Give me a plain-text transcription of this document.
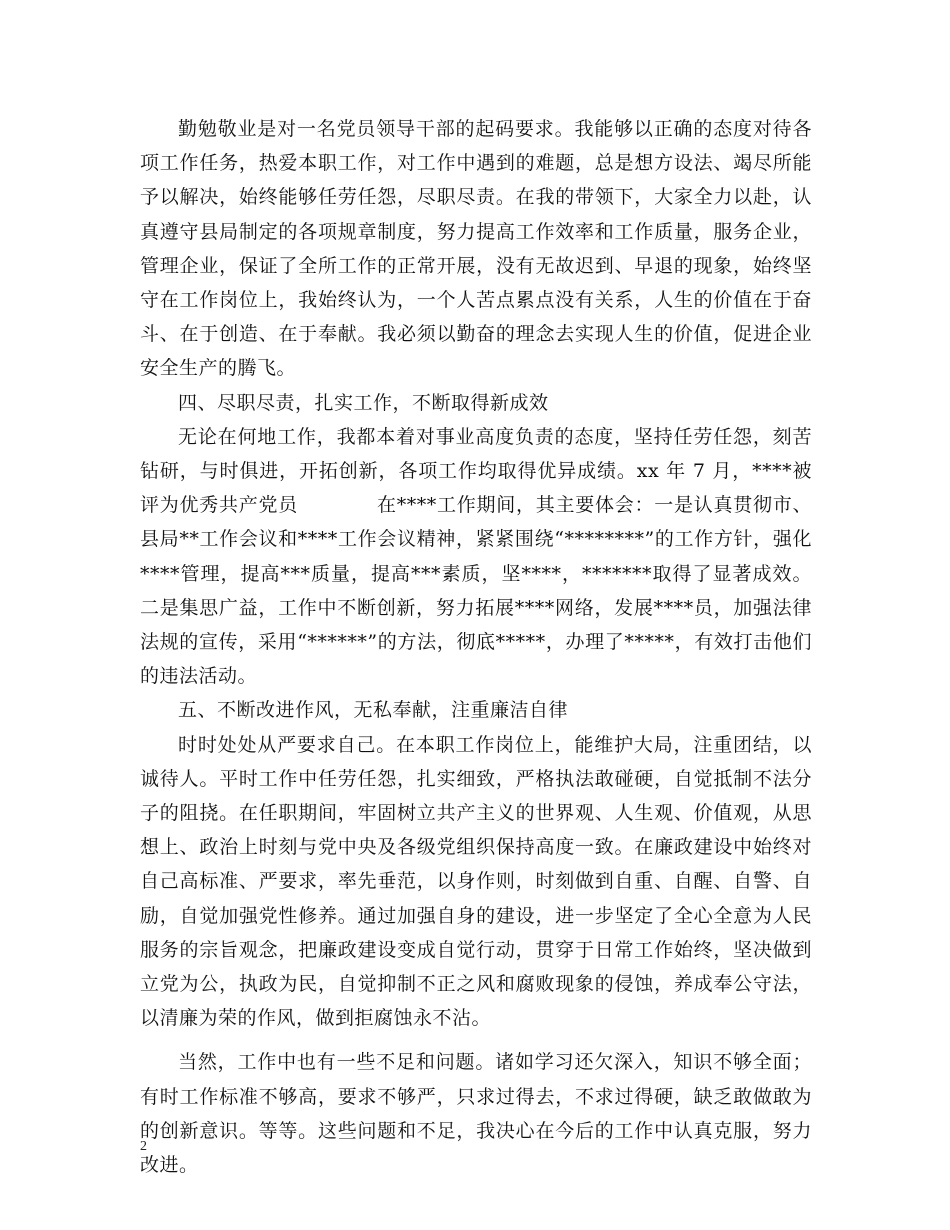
勤勉敬业是对一名党员领导干部的起码要求。我能够以正确的态度对待各项工作任务，热爱本职工作，对工作中遇到的难题，总是想方设法、竭尽所能予以解决，始终能够任劳任怨，尽职尽责。在我的带领下，大家全力以赴，认真遵守县局制定的各项规章制度，努力提高工作效率和工作质量，服务企业，管理企业，保证了全所工作的正常开展，没有无故迟到、早退的现象，始终坚守在工作岗位上，我始终认为，一个人苦点累点没有关系，人生的价值在于奋斗、在于创造、在于奉献。我必须以勤奋的理念去实现人生的价值，促进企业安全生产的腾飞。

四、尽职尽责，扎实工作，不断取得新成效

无论在何地工作，我都本着对事业高度负责的态度，坚持任劳任怨，刻苦钻研，与时俱进，开拓创新，各项工作均取得优异成绩。xx 年 7 月，****被评为优秀共产党员　　　　在****工作期间，其主要体会：一是认真贯彻市、县局**工作会议和****工作会议精神，紧紧围绕“********”的工作方针，强化****管理，提高***质量，提高***素质，坚****，*******取得了显著成效。二是集思广益，工作中不断创新，努力拓展****网络，发展****员，加强法律法规的宣传，采用“******”的方法，彻底*****，办理了*****，有效打击他们的违法活动。

五、不断改进作风，无私奉献，注重廉洁自律

时时处处从严要求自己。在本职工作岗位上，能维护大局，注重团结，以诚待人。平时工作中任劳任怨，扎实细致，严格执法敢碰硬，自觉抵制不法分子的阻挠。在任职期间，牢固树立共产主义的世界观、人生观、价值观，从思想上、政治上时刻与党中央及各级党组织保持高度一致。在廉政建设中始终对自己高标准、严要求，率先垂范，以身作则，时刻做到自重、自醒、自警、自励，自觉加强党性修养。通过加强自身的建设，进一步坚定了全心全意为人民服务的宗旨观念，把廉政建设变成自觉行动，贯穿于日常工作始终，坚决做到立党为公，执政为民，自觉抑制不正之风和腐败现象的侵蚀，养成奉公守法，以清廉为荣的作风，做到拒腐蚀永不沾。

当然，工作中也有一些不足和问题。诸如学习还欠深入，知识不够全面；有时工作标准不够高，要求不够严，只求过得去，不求过得硬，缺乏敢做敢为的创新意识。等等。这些问题和不足，我决心在今后的工作中认真克服，努力改进。

2
